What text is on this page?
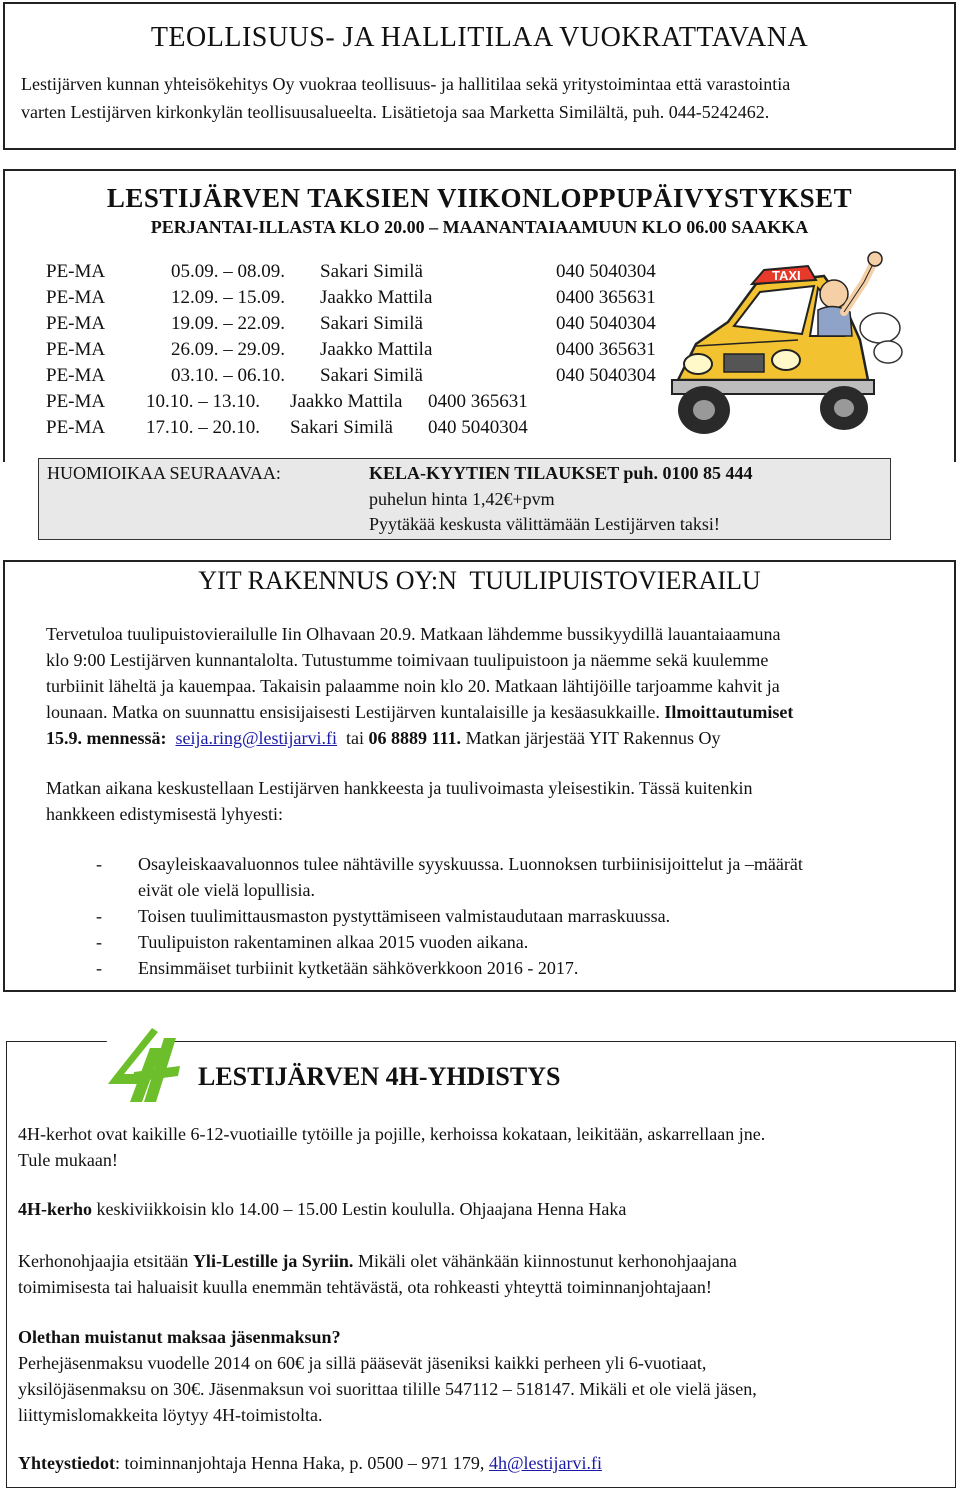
TEOLLISUUS- JA HALLITILAA VUOKRATTAVANA
Lestijärven kunnan yhteisökehitys Oy vuokraa teollisuus- ja hallitilaa sekä yritystoimintaa että varastointia
varten Lestijärven kirkonkylän teollisuusalueelta. Lisätietoja saa Marketta Similältä, puh. 044-5242462.
LESTIJÄRVEN TAKSIEN VIIKONLOPPUPÄIVYSTYKSET
PERJANTAI-ILLASTA KLO 20.00 – MAANANTAIAAMUUN KLO 06.00 SAAKKA
PE-MA	05.09. – 08.09. Sakari Similä	040 5040304
PE-MA	12.09. – 15.09. Jaakko Mattila	0400 365631
PE-MA	19.09. – 22.09. Sakari Similä	040 5040304
PE-MA	26.09. – 29.09. Jaakko Mattila	0400 365631
PE-MA	03.10. – 06.10. Sakari Similä	040 5040304
PE-MA 10.10. – 13.10. Jaakko Mattila 0400 365631
PE-MA 17.10. – 20.10. Sakari Similä 040 5040304
TAXI
HUOMIOIKAA SEURAAVAA:	KELA-KYYTIEN TILAUKSET puh. 0100 85 444
puhelun hinta 1,42€+pvm
Pyytäkää keskusta välittämään Lestijärven taksi!
YIT RAKENNUS OY:N  TUULIPUISTOVIERAILU
Tervetuloa tuulipuistovierailulle Iin Olhavaan 20.9. Matkaan lähdemme bussikyydillä lauantaiaamuna
klo 9:00 Lestijärven kunnantalolta. Tutustumme toimivaan tuulipuistoon ja näemme sekä kuulemme
turbiinit läheltä ja kauempaa. Takaisin palaamme noin klo 20. Matkaan lähtijöille tarjoamme kahvit ja
lounaan. Matka on suunnattu ensisijaisesti Lestijärven kuntalaisille ja kesäasukkaille. Ilmoittautumiset
15.9. mennessä: seija.ring@lestijarvi.fi tai 06 8889 111. Matkan järjestää YIT Rakennus Oy
Matkan aikana keskustellaan Lestijärven hankkeesta ja tuulivoimasta yleisestikin. Tässä kuitenkin
hankkeen edistymisestä lyhyesti:
- Osayleiskaavaluonnos tulee nähtäville syyskuussa. Luonnoksen turbiinisijoittelut ja –määrät
eivät ole vielä lopullisia.
- Toisen tuulimittausmaston pystyttämiseen valmistaudutaan marraskuussa.
- Tuulipuiston rakentaminen alkaa 2015 vuoden aikana.
- Ensimmäiset turbiinit kytketään sähköverkkoon 2016 - 2017.
4H
LESTIJÄRVEN 4H-YHDISTYS
4H-kerhot ovat kaikille 6-12-vuotiaille tytöille ja pojille, kerhoissa kokataan, leikitään, askarrellaan jne.
Tule mukaan!
4H-kerho keskiviikkoisin klo 14.00 – 15.00 Lestin koululla. Ohjaajana Henna Haka
Kerhonohjaajia etsitään Yli-Lestille ja Syriin. Mikäli olet vähänkään kiinnostunut kerhonohjaajana
toimimisesta tai haluaisit kuulla enemmän tehtävästä, ota rohkeasti yhteyttä toiminnanjohtajaan!
Olethan muistanut maksaa jäsenmaksun?
Perhejäsenmaksu vuodelle 2014 on 60€ ja sillä pääsevät jäseniksi kaikki perheen yli 6-vuotiaat,
yksilöjäsenmaksu on 30€. Jäsenmaksun voi suorittaa tilille 547112 – 518147. Mikäli et ole vielä jäsen,
liittymislomakkeita löytyy 4H-toimistolta.
Yhteystiedot: toiminnanjohtaja Henna Haka, p. 0500 – 971 179, 4h@lestijarvi.fi
